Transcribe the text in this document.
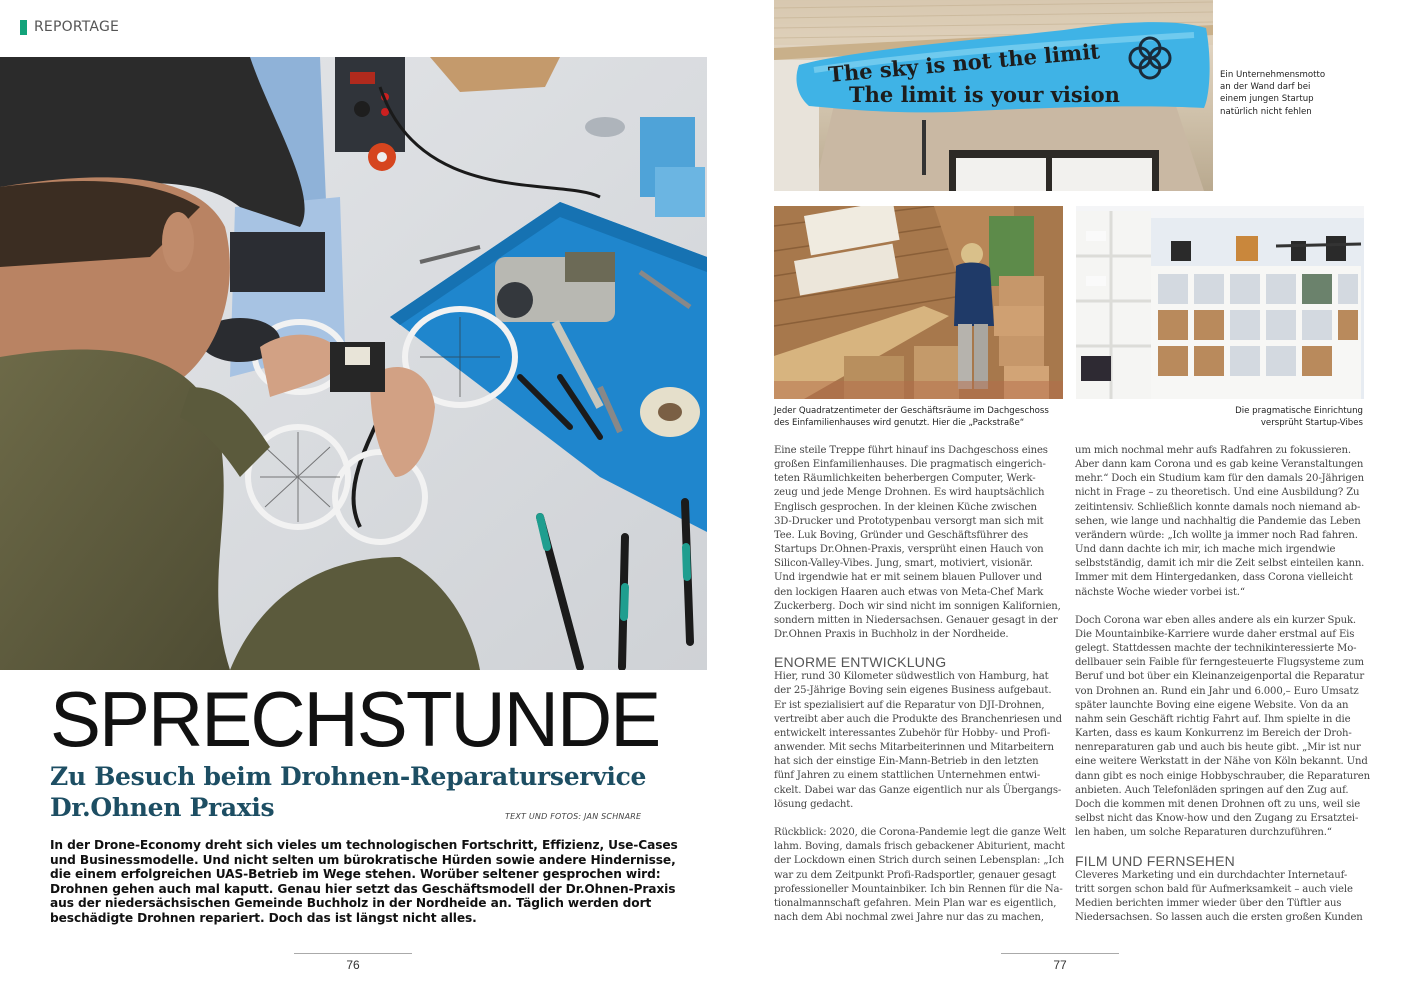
REPORTAGE
SPRECHSTUNDE
Zu Besuch beim Drohnen-Reparaturservice
Dr.Ohnen Praxis	TEXT UND FOTOS: JAN SCHNARE
In der Drone-Economy dreht sich vieles um technologischen Fortschritt, Effizienz, Use-Cases
und Businessmodelle. Und nicht selten um bürokratische Hürden sowie andere Hindernisse,
die einem erfolgreichen UAS-Betrieb im Wege stehen. Worüber seltener gesprochen wird:
Drohnen gehen auch mal kaputt. Genau hier setzt das Geschäftsmodell der Dr.Ohnen-Praxis
aus der niedersächsischen Gemeinde Buchholz in der Nordheide an. Täglich werden dort
beschädigte Drohnen repariert. Doch das ist längst nicht alles.
76
The sky is not the limit
The limit is your vision
Ein Unternehmensmotto
an der Wand darf bei
einem jungen Startup
natürlich nicht fehlen
Jeder Quadratzentimeter der Geschäftsräume im Dachgeschoss
des Einfamilienhauses wird genutzt. Hier die „Packstraße“
Die pragmatische Einrichtung
versprüht Startup-Vibes

Eine steile Treppe führt hinauf ins Dachgeschoss eines
großen Einfamilienhauses. Die pragmatisch eingerich-
teten Räumlichkeiten beherbergen Computer, Werk-
zeug und jede Menge Drohnen. Es wird hauptsächlich
Englisch gesprochen. In der kleinen Küche zwischen
3D-Drucker und Prototypenbau versorgt man sich mit
Tee. Luk Boving, Gründer und Geschäftsführer des
Startups Dr.Ohnen-Praxis, versprüht einen Hauch von
Silicon-Valley-Vibes. Jung, smart, motiviert, visionär.
Und irgendwie hat er mit seinem blauen Pullover und
den lockigen Haaren auch etwas von Meta-Chef Mark
Zuckerberg. Doch wir sind nicht im sonnigen Kalifornien,
sondern mitten in Niedersachsen. Genauer gesagt in der
Dr.Ohnen Praxis in Buchholz in der Nordheide.

ENORME ENTWICKLUNG

Hier, rund 30 Kilometer südwestlich von Hamburg, hat
der 25-Jährige Boving sein eigenes Business aufgebaut.
Er ist spezialisiert auf die Reparatur von DJI-Drohnen,
vertreibt aber auch die Produkte des Branchenriesen und
entwickelt interessantes Zubehör für Hobby- und Profi-
anwender. Mit sechs Mitarbeiterinnen und Mitarbeitern
hat sich der einstige Ein-Mann-Betrieb in den letzten
fünf Jahren zu einem stattlichen Unternehmen entwi-
ckelt. Dabei war das Ganze eigentlich nur als Übergangs-
lösung gedacht.

Rückblick: 2020, die Corona-Pandemie legt die ganze Welt
lahm. Boving, damals frisch gebackener Abiturient, macht
der Lockdown einen Strich durch seinen Lebensplan: „Ich
war zu dem Zeitpunkt Profi-Radsportler, genauer gesagt
professioneller Mountainbiker. Ich bin Rennen für die Na-
tionalmannschaft gefahren. Mein Plan war es eigentlich,
nach dem Abi nochmal zwei Jahre nur das zu machen,

um mich nochmal mehr aufs Radfahren zu fokussieren.
Aber dann kam Corona und es gab keine Veranstaltungen
mehr.“ Doch ein Studium kam für den damals 20-Jährigen
nicht in Frage – zu theoretisch. Und eine Ausbildung? Zu
zeitintensiv. Schließlich konnte damals noch niemand ab-
sehen, wie lange und nachhaltig die Pandemie das Leben
verändern würde: „Ich wollte ja immer noch Rad fahren.
Und dann dachte ich mir, ich mache mich irgendwie
selbstständig, damit ich mir die Zeit selbst einteilen kann.
Immer mit dem Hintergedanken, dass Corona vielleicht
nächste Woche wieder vorbei ist.“

Doch Corona war eben alles andere als ein kurzer Spuk.
Die Mountainbike-Karriere wurde daher erstmal auf Eis
gelegt. Stattdessen machte der technikinteressierte Mo-
dellbauer sein Faible für ferngesteuerte Flugsysteme zum
Beruf und bot über ein Kleinanzeigenportal die Reparatur
von Drohnen an. Rund ein Jahr und 6.000,– Euro Umsatz
später launchte Boving eine eigene Website. Von da an
nahm sein Geschäft richtig Fahrt auf. Ihm spielte in die
Karten, dass es kaum Konkurrenz im Bereich der Droh-
nenreparaturen gab und auch bis heute gibt. „Mir ist nur
eine weitere Werkstatt in der Nähe von Köln bekannt. Und
dann gibt es noch einige Hobbyschrauber, die Reparaturen
anbieten. Auch Telefonläden springen auf den Zug auf.
Doch die kommen mit denen Drohnen oft zu uns, weil sie
selbst nicht das Know-how und den Zugang zu Ersatztei-
len haben, um solche Reparaturen durchzuführen.“

FILM UND FERNSEHEN

Cleveres Marketing und ein durchdachter Internetauf-
tritt sorgen schon bald für Aufmerksamkeit – auch viele
Medien berichten immer wieder über den Tüftler aus
Niedersachsen. So lassen auch die ersten großen Kunden

77
